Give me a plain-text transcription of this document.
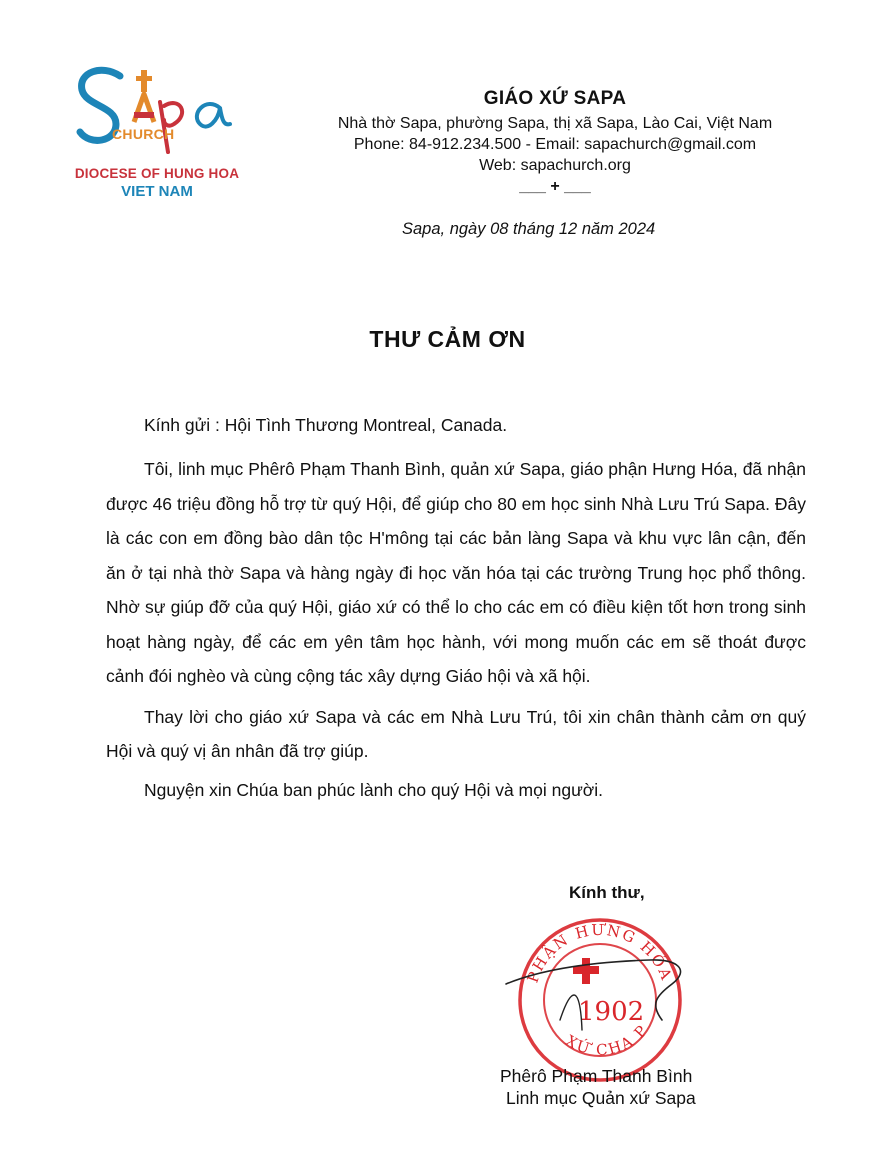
CHURCH
DIOCESE OF HUNG HOA
VIET NAM

GIÁO XỨ SAPA

Nhà thờ Sapa, phường Sapa, thị xã Sapa, Lào Cai, Việt Nam

Phone: 84-912.234.500 - Email: sapachurch@gmail.com

Web: sapachurch.org

___ + ___

Sapa, ngày 08 tháng 12 năm 2024
THƯ CẢM ƠN

Kính gửi : Hội Tình Thương Montreal, Canada.

Tôi, linh mục Phêrô Phạm Thanh Bình, quản xứ Sapa, giáo phận Hưng Hóa, đã nhận được 46 triệu đồng hỗ trợ từ quý Hội, để giúp cho 80 em học sinh Nhà Lưu Trú Sapa. Đây là các con em đồng bào dân tộc H'mông tại các bản làng Sapa và khu vực lân cận, đến ăn ở tại nhà thờ Sapa và hàng ngày đi học văn hóa tại các trường Trung học phổ thông. Nhờ sự giúp đỡ của quý Hội, giáo xứ có thể lo cho các em có điều kiện tốt hơn trong sinh hoạt hàng ngày, để các em yên tâm học hành, với mong muốn các em sẽ thoát được cảnh đói nghèo và cùng cộng tác xây dựng Giáo hội và xã hội.

Thay lời cho giáo xứ Sapa và các em Nhà Lưu Trú, tôi xin chân thành cảm ơn quý Hội và quý vị ân nhân đã trợ giúp.

Nguyện xin Chúa ban phúc lành cho quý Hội và mọi người.

Kính thư,
PHẬN HƯNG HÓA
XỨ CHA P
1902
Phêrô Phạm Thanh Bình
Linh mục Quản xứ Sapa
